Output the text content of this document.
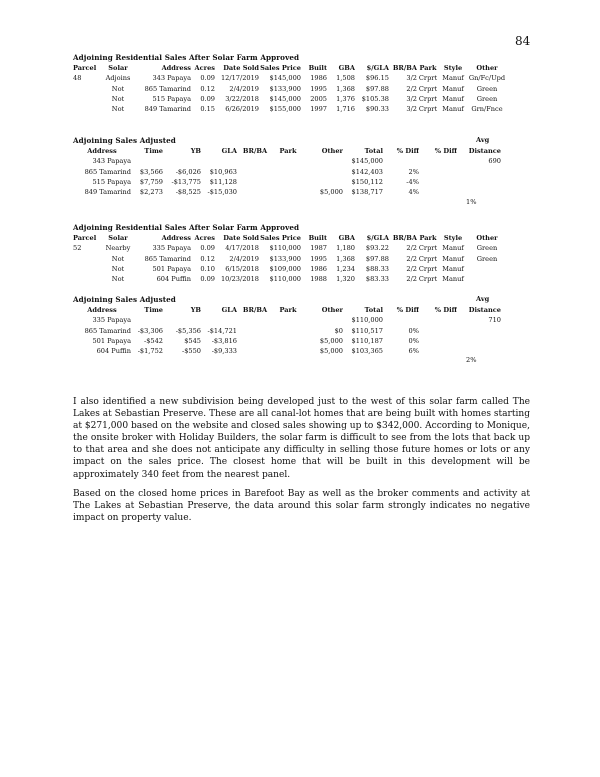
84
Adjoining Residential Sales After Solar Farm Approved
Parcel	Solar	Address	Acres	Date Sold	Sales Price	Built	GBA	$/GLA	BR/BA	Park	Style	Other
48	Adjoins	343 Papaya	0.09	12/17/2019	$145,000	1986	1,508	$96.15	3/2	Crprt	Manuf	Gn/Fc/Upd
	Not	865 Tamarind	0.12	2/4/2019	$133,900	1995	1,368	$97.88	2/2	Crprt	Manuf	Green
	Not	515 Papaya	0.09	3/22/2018	$145,000	2005	1,376	$105.38	3/2	Crprt	Manuf	Green
	Not	849 Tamarind	0.15	6/26/2019	$155,000	1997	1,716	$90.33	3/2	Crprt	Manuf	Grn/Fnce
Adjoining Sales Adjusted	Avg
Address	Time	YB	GLA	BR/BA	Park	Other	Total	% Diff	% Diff	Distance
343 Papaya							$145,000			690
865 Tamarind	$3,566	-$6,026	$10,963				$142,403	2%		
515 Papaya	$7,759	-$13,775	$11,128				$150,112	-4%		
849 Tamarind	$2,273	-$8,525	-$15,030			$5,000	$138,717	4%		
1%
Adjoining Residential Sales After Solar Farm Approved
Parcel	Solar	Address	Acres	Date Sold	Sales Price	Built	GBA	$/GLA	BR/BA	Park	Style	Other
52	Nearby	335 Papaya	0.09	4/17/2018	$110,000	1987	1,180	$93.22	2/2	Crprt	Manuf	Green
	Not	865 Tamarind	0.12	2/4/2019	$133,900	1995	1,368	$97.88	2/2	Crprt	Manuf	Green
	Not	501 Papaya	0.10	6/15/2018	$109,000	1986	1,234	$88.33	2/2	Crprt	Manuf	
	Not	604 Puffin	0.09	10/23/2018	$110,000	1988	1,320	$83.33	2/2	Crprt	Manuf	
Adjoining Sales Adjusted	Avg
Address	Time	YB	GLA	BR/BA	Park	Other	Total	% Diff	% Diff	Distance
335 Papaya							$110,000			710
865 Tamarind	-$3,306	-$5,356	-$14,721			$0	$110,517	0%		
501 Papaya	-$542	$545	-$3,816			$5,000	$110,187	0%		
604 Puffin	-$1,752	-$550	-$9,333			$5,000	$103,365	6%		
2%

I also identified a new subdivision being developed just to the west of this solar farm called The Lakes at Sebastian Preserve. These are all canal-lot homes that are being built with homes starting at $271,000 based on the website and closed sales showing up to $342,000. According to Monique, the onsite broker with Holiday Builders, the solar farm is difficult to see from the lots that back up to that area and she does not anticipate any difficulty in selling those future homes or lots or any impact on the sales price. The closest home that will be built in this development will be approximately 340 feet from the nearest panel.

Based on the closed home prices in Barefoot Bay as well as the broker comments and activity at The Lakes at Sebastian Preserve, the data around this solar farm strongly indicates no negative impact on property value.
